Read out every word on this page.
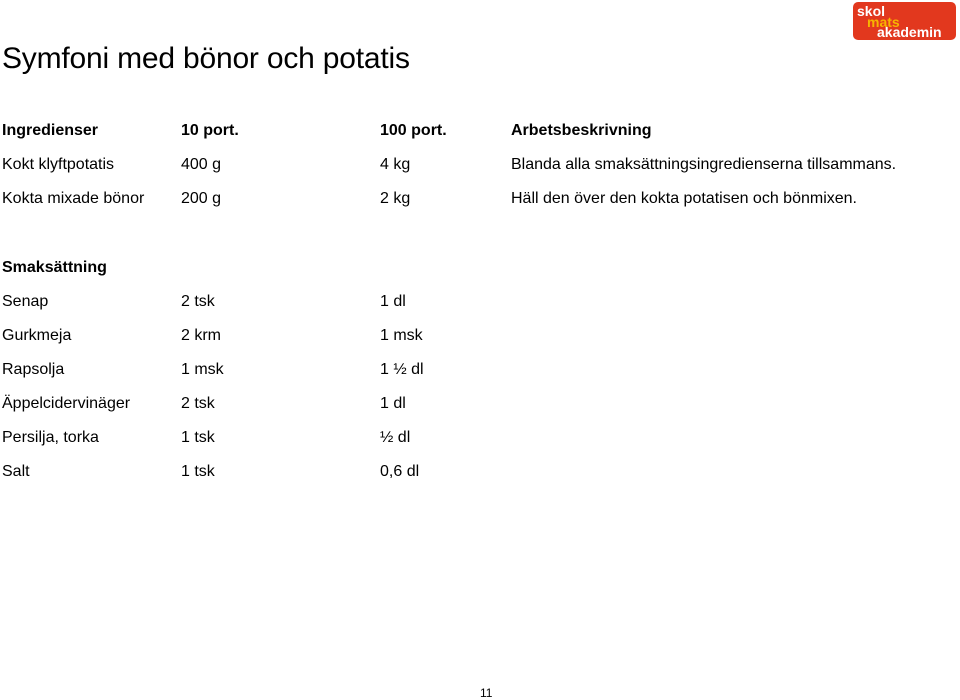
Symfoni med bönor och potatis
skol
mats
akademin
Ingredienser	10 port.	100 port.	Arbetsbeskrivning
Kokt klyftpotatis	400 g	4 kg	Blanda alla smaksättningsingredienserna tillsammans.
Kokta mixade bönor 200 g	2 kg	Häll den över den kokta potatisen och bönmixen.
Smaksättning
Senap	2 tsk	1 dl
Gurkmeja	2 krm	1 msk
Rapsolja	1 msk	1 ½ dl
Äppelcidervinäger	2 tsk	1 dl
Persilja, torka	1 tsk	½ dl
Salt	1 tsk	0,6 dl
11
